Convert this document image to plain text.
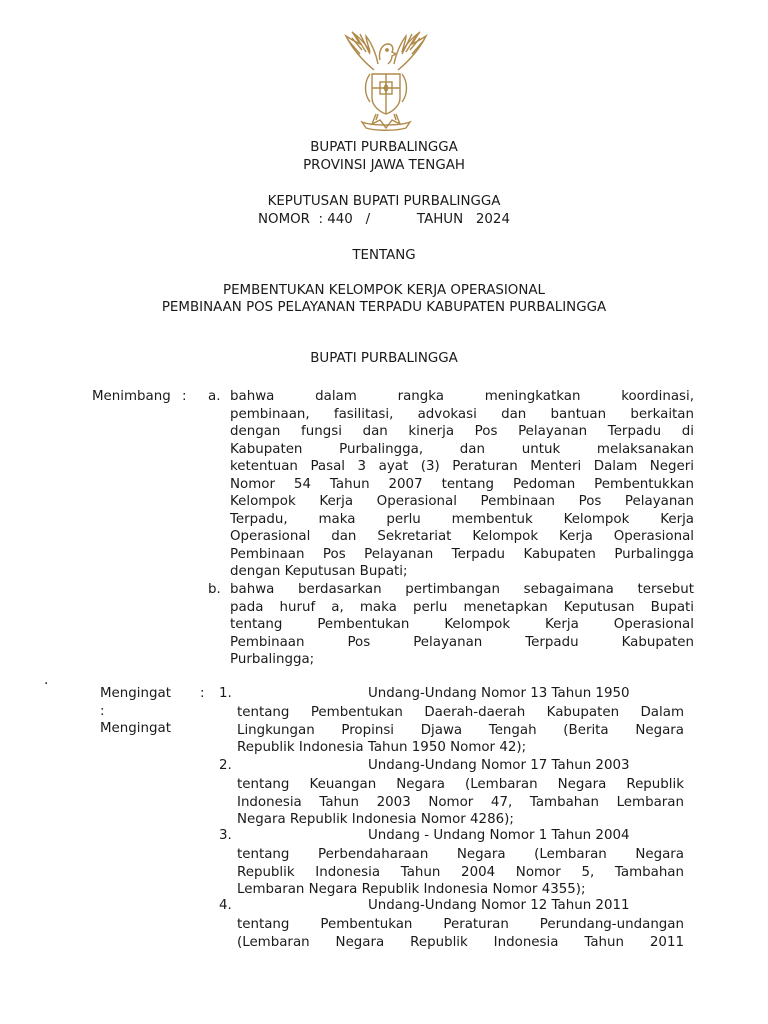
BUPATI PURBALINGGA
PROVINSI JAWA TENGAH
KEPUTUSAN BUPATI PURBALINGGA
NOMOR  : 440   /           TAHUN   2024
TENTANG
PEMBENTUKAN KELOMPOK KERJA OPERASIONAL
PEMBINAAN POS PELAYANAN TERPADU KABUPATEN PURBALINGGA
BUPATI PURBALINGGA
Menimbang : a. bahwa dalam rangka meningkatkan koordinasi,
pembinaan, fasilitasi, advokasi dan bantuan berkaitan
dengan fungsi dan kinerja Pos Pelayanan Terpadu di
Kabupaten Purbalingga, dan untuk melaksanakan
ketentuan Pasal 3 ayat (3) Peraturan Menteri Dalam Negeri
Nomor 54 Tahun 2007 tentang Pedoman Pembentukkan
Kelompok Kerja Operasional Pembinaan Pos Pelayanan
Terpadu, maka perlu membentuk Kelompok Kerja
Operasional dan Sekretariat Kelompok Kerja Operasional
Pembinaan Pos Pelayanan Terpadu Kabupaten Purbalingga
dengan Keputusan Bupati;
b. bahwa berdasarkan pertimbangan sebagaimana tersebut
pada huruf a, maka perlu menetapkan Keputusan Bupati
tentang Pembentukan Kelompok Kerja Operasional
Pembinaan Pos Pelayanan Terpadu Kabupaten
Purbalingga;
.
Mengingat :
:
Mengingat
1.	Undang-Undang Nomor 13 Tahun 1950
tentang Pembentukan Daerah-daerah Kabupaten Dalam
Lingkungan Propinsi Djawa Tengah (Berita Negara
Republik Indonesia Tahun 1950 Nomor 42);
2.	Undang-Undang Nomor 17 Tahun 2003
tentang Keuangan Negara (Lembaran Negara Republik
Indonesia Tahun 2003 Nomor 47, Tambahan Lembaran
Negara Republik Indonesia Nomor 4286);
3.	Undang - Undang Nomor 1 Tahun 2004
tentang Perbendaharaan Negara (Lembaran Negara
Republik Indonesia Tahun 2004 Nomor 5, Tambahan
Lembaran Negara Republik Indonesia Nomor 4355);
4.	Undang-Undang Nomor 12 Tahun 2011
tentang Pembentukan Peraturan Perundang-undangan
(Lembaran Negara Republik Indonesia Tahun 2011
